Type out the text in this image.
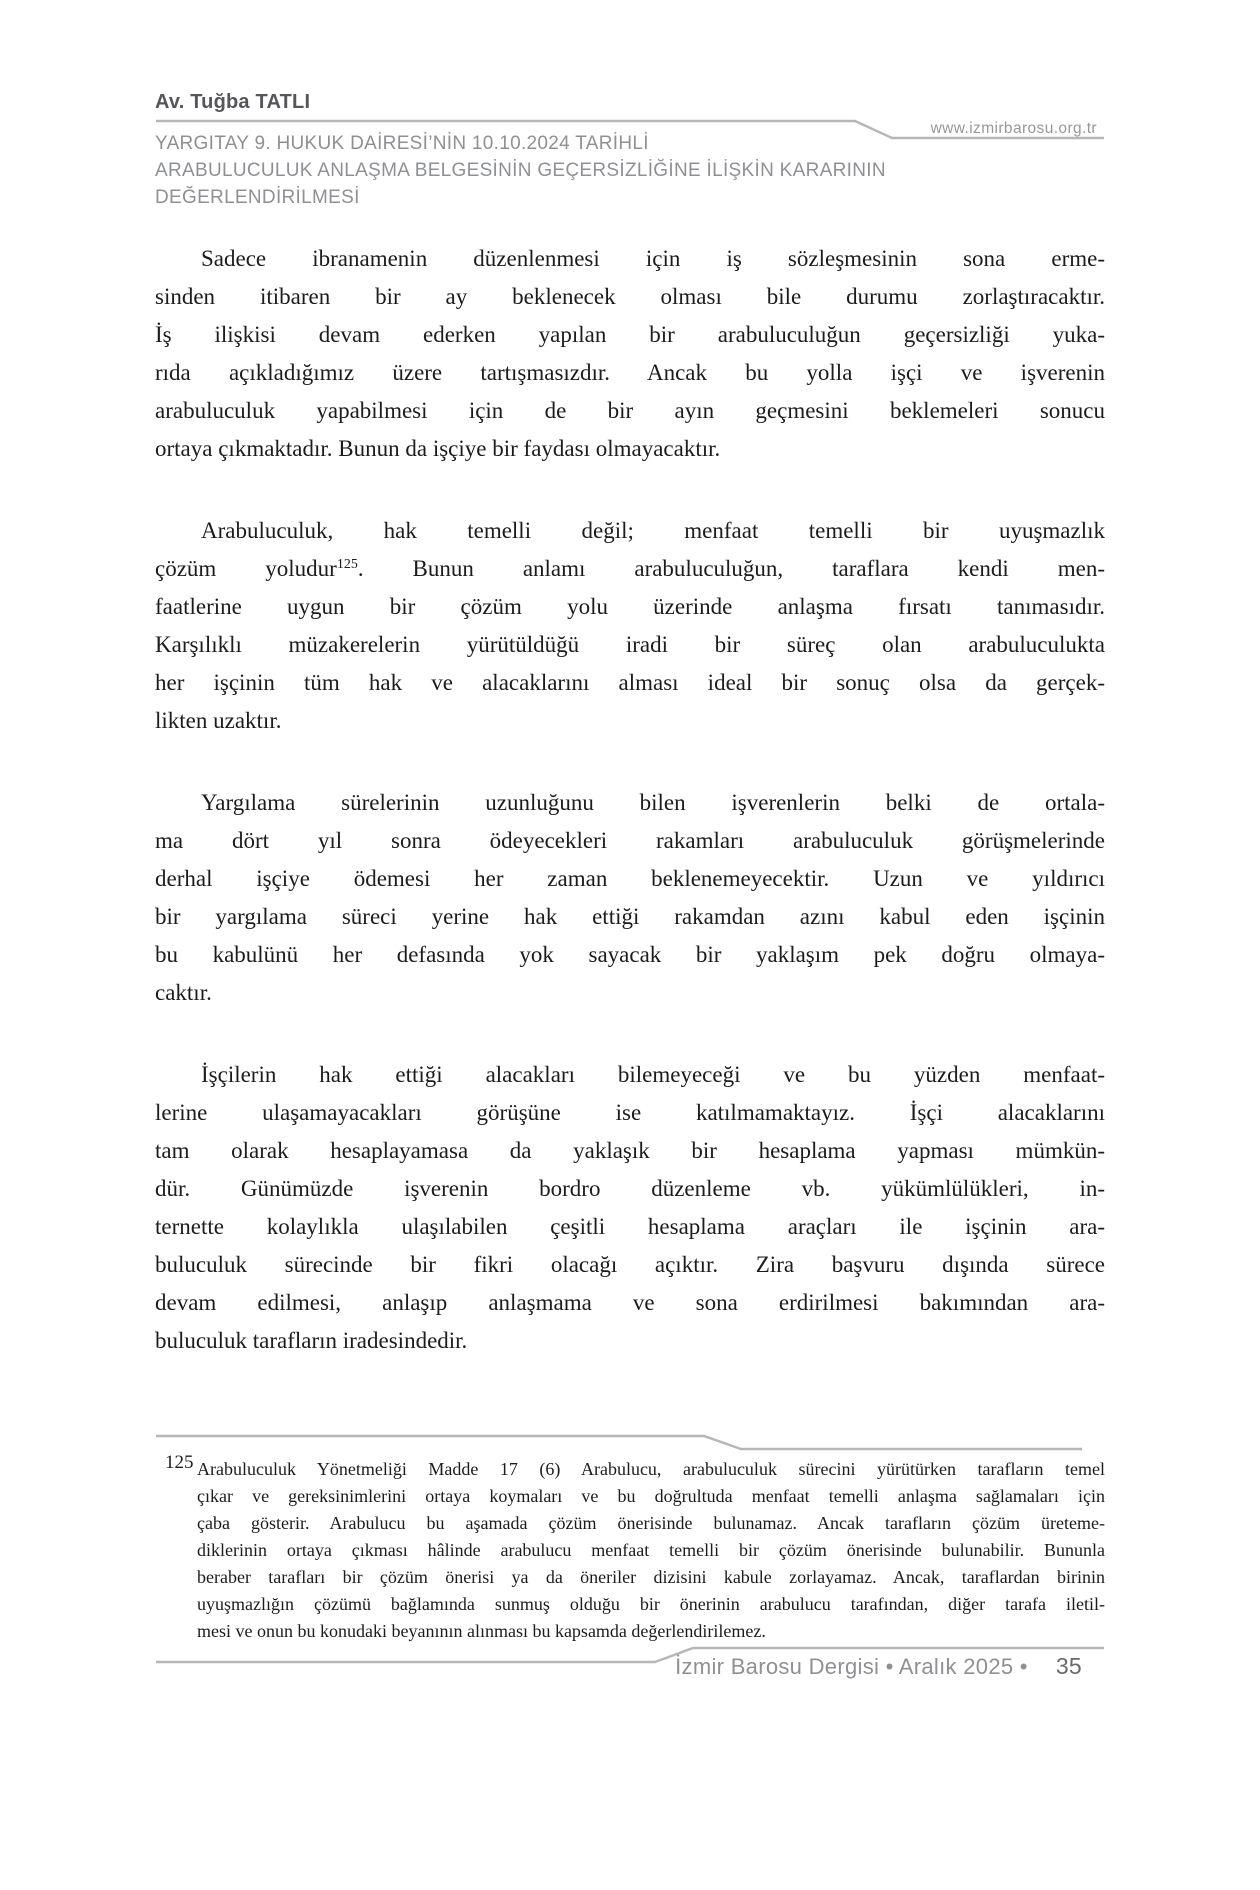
Av. Tuğba TATLI
www.izmirbarosu.org.tr
YARGITAY 9. HUKUK DAİRESİ’NİN 10.10.2024 TARİHLİ
ARABULUCULUK ANLAŞMA BELGESİNİN GEÇERSİZLİĞİNE İLİŞKİN KARARININ
DEĞERLENDİRİLMESİ
Sadece ibranamenin düzenlenmesi için iş sözleşmesinin sona erme-
sinden itibaren bir ay beklenecek olması bile durumu zorlaştıracaktır.
İş ilişkisi devam ederken yapılan bir arabuluculuğun geçersizliği yuka-
rıda açıkladığımız üzere tartışmasızdır. Ancak bu yolla işçi ve işverenin
arabuluculuk yapabilmesi için de bir ayın geçmesini beklemeleri sonucu
ortaya çıkmaktadır. Bunun da işçiye bir faydası olmayacaktır.
Arabuluculuk, hak temelli değil; menfaat temelli bir uyuşmazlık
çözüm yoludur$^{125}$. Bunun anlamı arabuluculuğun, taraflara kendi men-
faatlerine uygun bir çözüm yolu üzerinde anlaşma fırsatı tanımasıdır.
Karşılıklı müzakerelerin yürütüldüğü iradi bir süreç olan arabuluculukta
her işçinin tüm hak ve alacaklarını alması ideal bir sonuç olsa da gerçek-
likten uzaktır.
Yargılama sürelerinin uzunluğunu bilen işverenlerin belki de ortala-
ma dört yıl sonra ödeyecekleri rakamları arabuluculuk görüşmelerinde
derhal işçiye ödemesi her zaman beklenemeyecektir. Uzun ve yıldırıcı
bir yargılama süreci yerine hak ettiği rakamdan azını kabul eden işçinin
bu kabulünü her defasında yok sayacak bir yaklaşım pek doğru olmaya-
caktır.
İşçilerin hak ettiği alacakları bilemeyeceği ve bu yüzden menfaat-
lerine ulaşamayacakları görüşüne ise katılmamaktayız. İşçi alacaklarını
tam olarak hesaplayamasa da yaklaşık bir hesaplama yapması mümkün-
dür. Günümüzde işverenin bordro düzenleme vb. yükümlülükleri, in-
ternette kolaylıkla ulaşılabilen çeşitli hesaplama araçları ile işçinin ara-
buluculuk sürecinde bir fikri olacağı açıktır. Zira başvuru dışında sürece
devam edilmesi, anlaşıp anlaşmama ve sona erdirilmesi bakımından ara-
buluculuk tarafların iradesindedir.
125 Arabuluculuk Yönetmeliği Madde 17 (6) Arabulucu, arabuluculuk sürecini yürütürken tarafların temel
çıkar ve gereksinimlerini ortaya koymaları ve bu doğrultuda menfaat temelli anlaşma sağlamaları için
çaba gösterir. Arabulucu bu aşamada çözüm önerisinde bulunamaz. Ancak tarafların çözüm üreteme-
diklerinin ortaya çıkması hâlinde arabulucu menfaat temelli bir çözüm önerisinde bulunabilir. Bununla
beraber tarafları bir çözüm önerisi ya da öneriler dizisini kabule zorlayamaz. Ancak, taraflardan birinin
uyuşmazlığın çözümü bağlamında sunmuş olduğu bir önerinin arabulucu tarafından, diğer tarafa iletil-
mesi ve onun bu konudaki beyanının alınması bu kapsamda değerlendirilemez.
İzmir Barosu Dergisi • Aralık 2025 • 35
